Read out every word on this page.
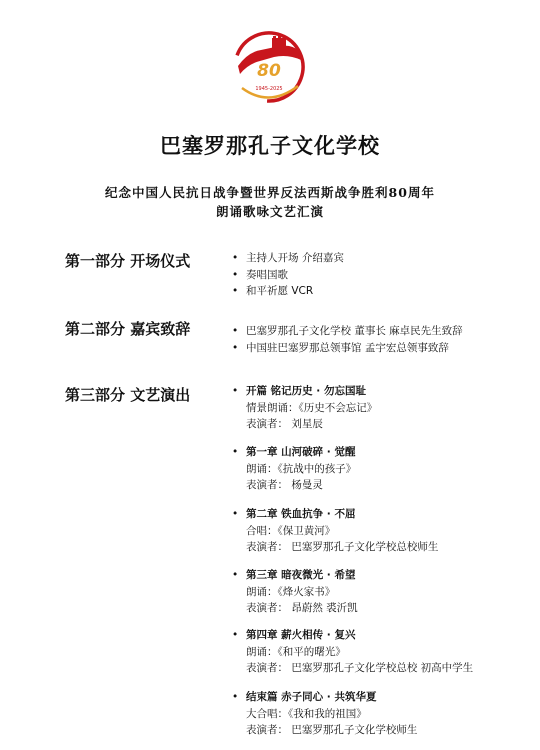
80
1945-2025
巴塞罗那孔子文化学校
纪念中国人民抗日战争暨世界反法西斯战争胜利80周年
朗诵歌咏文艺汇演
第一部分 开场仪式	• 主持人开场 介绍嘉宾
• 奏唱国歌
• 和平祈愿 VCR
第二部分 嘉宾致辞	• 巴塞罗那孔子文化学校 董事长 麻卓民先生致辞
• 中国驻巴塞罗那总领事馆 孟宇宏总领事致辞
第三部分 文艺演出	• 开篇 铭记历史 · 勿忘国耻
情景朗诵：《历史不会忘记》
表演者： 刘星辰
• 第一章 山河破碎 · 觉醒
朗诵：《抗战中的孩子》
表演者： 杨曼灵
• 第二章 铁血抗争 · 不屈
合唱：《保卫黄河》
表演者： 巴塞罗那孔子文化学校总校师生
• 第三章 暗夜微光 · 希望
朗诵：《烽火家书》
表演者： 昂蔚然 裘沂凯
• 第四章 薪火相传 · 复兴
朗诵：《和平的曙光》
表演者： 巴塞罗那孔子文化学校总校 初高中学生
• 结束篇 赤子同心 · 共筑华夏
大合唱：《我和我的祖国》
表演者： 巴塞罗那孔子文化学校师生
